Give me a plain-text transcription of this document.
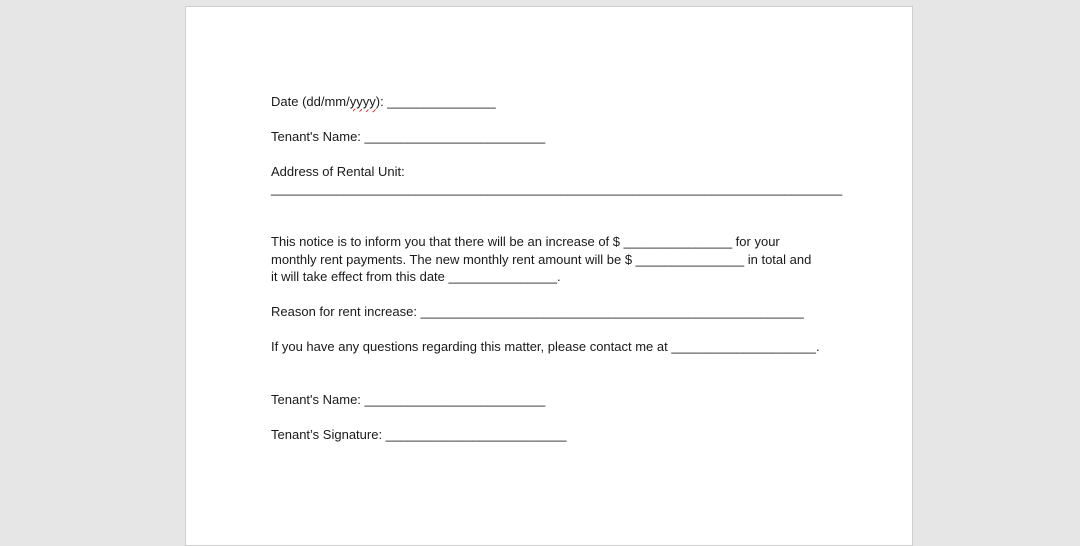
Date (dd/mm/yyyy): _______________
Tenant's Name: _________________________
Address of Rental Unit:
_______________________________________________________________________________
This notice is to inform you that there will be an increase of $ _______________ for your
monthly rent payments. The new monthly rent amount will be $ _______________ in total and
it will take effect from this date _______________.
Reason for rent increase: _____________________________________________________
If you have any questions regarding this matter, please contact me at ____________________.
Tenant's Name: _________________________
Tenant’s Signature: _________________________
